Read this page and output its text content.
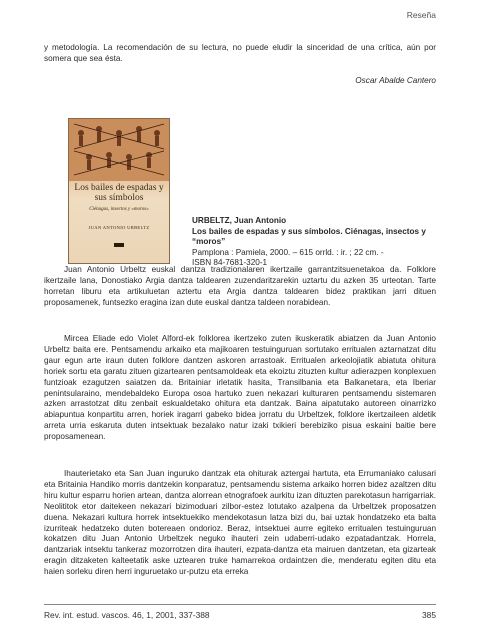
Reseña

y metodología. La recomendación de su lectura, no puede eludir la sinceridad de una crítica, aún por somera que sea ésta.

Oscar Abalde Cantero
Los bailes de espadas y sus símbolos
Ciénagas, insectos y «moros»
JUAN ANTONIO URBELTZ
URBELTZ, Juan Antonio
Los bailes de espadas y sus símbolos. Ciénagas, insectos y “moros”
Pamplona : Pamiela, 2000. – 615 orrld. : ir. ; 22 cm. -
ISBN 84-7681-320-1

Juan Antonio Urbeltz euskal dantza tradizionalaren ikertzaile garrantzitsuenetakoa da. Folklore ikertzaile lana, Donostiako Argia dantza taldearen zuzendaritzarekin uztartu du azken 35 urteotan. Tarte horretan liburu eta artikuluetan aztertu eta Argia dantza taldearen bidez praktikan jarri dituen proposamenek, funtsezko eragina izan dute euskal dantza taldeen norabidean.

Mircea Eliade edo Violet Alford-ek folklorea ikertzeko zuten ikuskeratik abiatzen da Juan Antonio Urbeltz baita ere. Pentsamendu arkaiko eta majikoaren testuinguruan sortutako erritualen aztarnatzat ditu gaur egun arte iraun duten folklore dantzen askoren arrastoak. Erritualen arkeolojiatik abiatuta ohitura horiek sortu eta garatu zituen gizartearen pentsamoldeak eta ekoiztu zituzten kultur adierazpen konplexuen funtzioak ezagutzen saiatzen da. Britainiar irletatik hasita, Transilbania eta Balkanetara, eta Iberiar penintsularaino, mendebaldeko Europa osoa hartuko zuen nekazari kulturaren pentsamendu sistemaren azken arrastotzat ditu zenbait eskualdetako ohitura eta dantzak. Baina aipatutako autoreen oinarrizko abiapuntua konpartitu arren, horiek iragarri gabeko bidea jorratu du Urbeltzek, folklore ikertzaileen aldetik arreta urria eskaruta duten intsektuak bezalako natur izaki txikieri berebiziko pisua eskaini baitie bere proposamenean.

Ihauterietako eta San Juan inguruko dantzak eta ohiturak aztergai hartuta, eta Errumaniako calusari eta Britainia Handiko morris dantzekin konparatuz, pentsamendu sistema arkaiko horren bidez azaltzen ditu hiru kultur esparru horien artean, dantza alorrean etnografoek aurkitu izan dituzten parekotasun harrigarriak. Neolititok etor daitekeen nekazari bizimoduari zilbor-estez lotutako azalpena da Urbeltzek proposatzen duena. Nekazari kultura horrek intsektuekiko mendekotasun latza bizi du, bai uztak hondatzeko eta balta izurriteak hedatzeko duten botereaen ondorioz. Beraz, intsektuei aurre egiteko erritualen testuinguruan kokatzen ditu Juan Antonio Urbeltzek neguko ihauteri zein udaberri-udako ezpatadantzak. Horrela, dantzariak intsektu tankeraz mozorrotzen dira ihauteri, ezpata-dantza eta mairuen dantzetan, eta gizarteak eragin ditzaketen kalteetatik aske uztearen truke hamarrekoa ordaintzen die, menderatu egiten ditu eta haien sorleku diren herri inguruetako ur-putzu eta erreka

Rev. int. estud. vascos. 46, 1, 2001, 337-388	385
